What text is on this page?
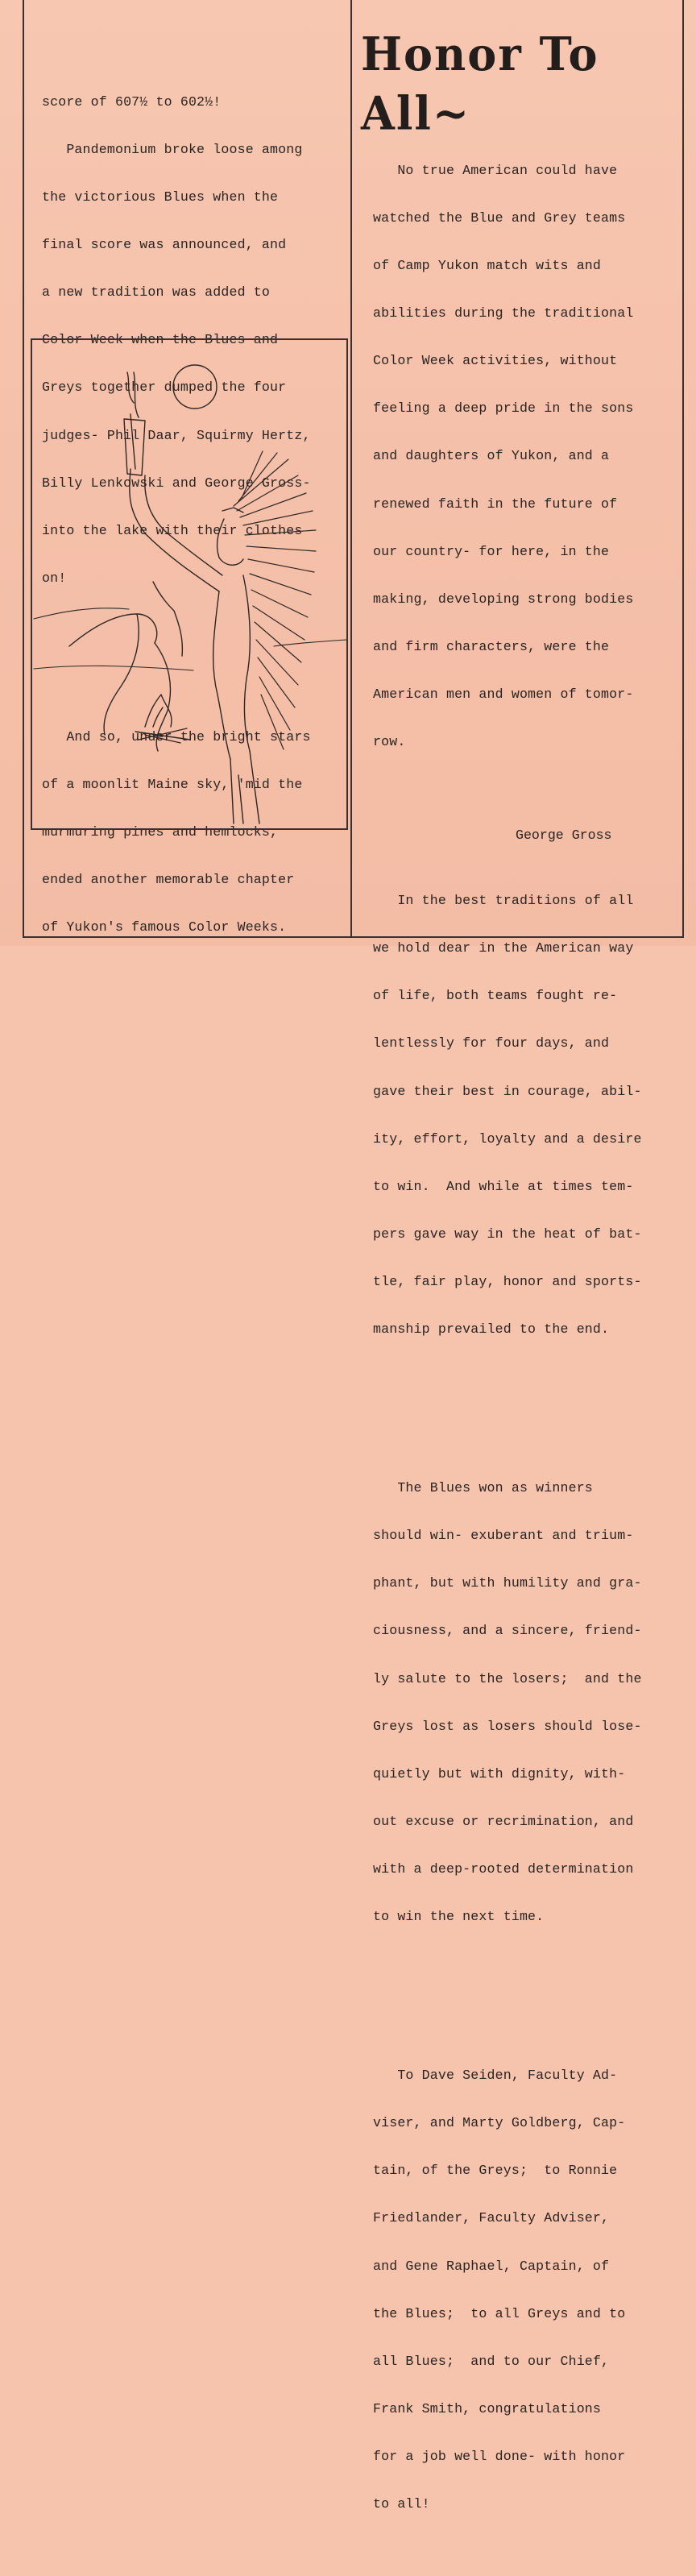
score of 607½ to 602½!

Pandemonium broke loose among

the victorious Blues when the

final score was announced, and

a new tradition was added to

Color Week when the Blues and

Greys together dumped the four

judges- Phil Daar, Squirmy Hertz,

Billy Lenkowski and George Gross-

into the lake with their clothes

on!

And so, under the bright stars

of a moonlit Maine sky, 'mid the

murmuring pines and hemlocks,

ended another memorable chapter

of Yukon's famous Color Weeks.

Honor To All~

No true American could have

watched the Blue and Grey teams

of Camp Yukon match wits and

abilities during the traditional

Color Week activities, without

feeling a deep pride in the sons

and daughters of Yukon, and a

renewed faith in the future of

our country- for here, in the

making, developing strong bodies

and firm characters, were the

American men and women of tomor-

row.

In the best traditions of all

we hold dear in the American way

of life, both teams fought re-

lentlessly for four days, and

gave their best in courage, abil-

ity, effort, loyalty and a desire

to win.  And while at times tem-

pers gave way in the heat of bat-

tle, fair play, honor and sports-

manship prevailed to the end.

The Blues won as winners

should win- exuberant and trium-

phant, but with humility and gra-

ciousness, and a sincere, friend-

ly salute to the losers;  and the

Greys lost as losers should lose-

quietly but with dignity, with-

out excuse or recrimination, and

with a deep-rooted determination

to win the next time.

To Dave Seiden, Faculty Ad-

viser, and Marty Goldberg, Cap-

tain, of the Greys;  to Ronnie

Friedlander, Faculty Adviser,

and Gene Raphael, Captain, of

the Blues;  to all Greys and to

all Blues;  and to our Chief,

Frank Smith, congratulations

for a job well done- with honor

to all!

George Gross
